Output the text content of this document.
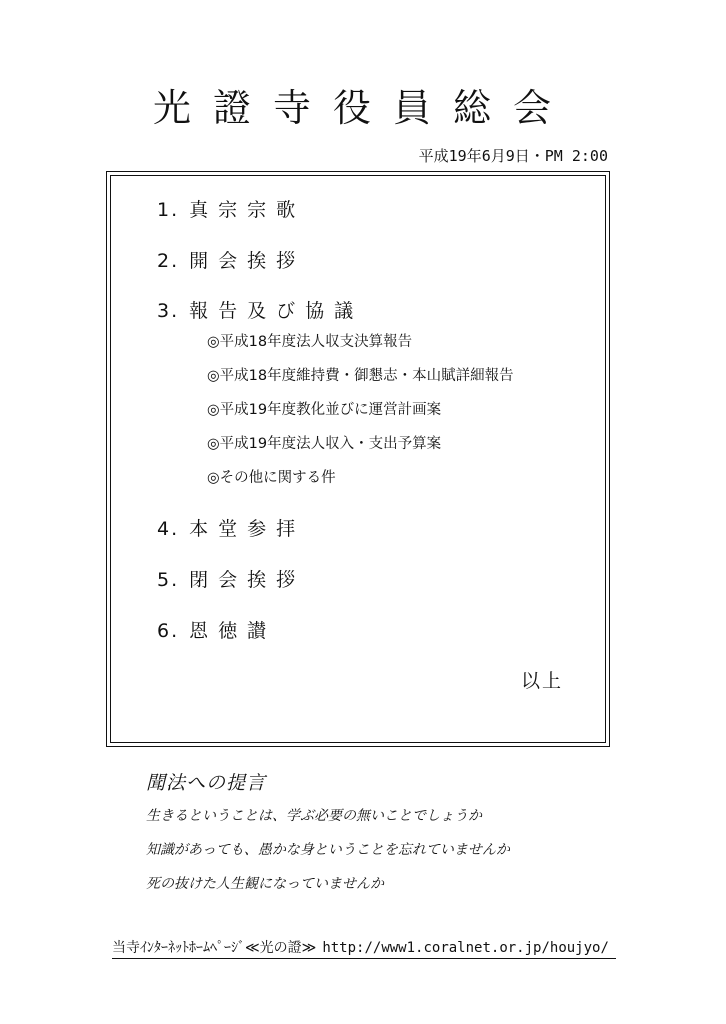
光證寺役員総会
平成19年6月9日・PM 2:00
1. 真宗宗歌
2. 開会挨拶
3. 報告及び協議
◎平成18年度法人収支決算報告
◎平成18年度維持費・御懇志・本山賦詳細報告
◎平成19年度教化並びに運営計画案
◎平成19年度法人収入・支出予算案
◎その他に関する件
4. 本堂参拝
5. 閉会挨拶
6. 恩徳讃
以上
聞法への提言
生きるということは、学ぶ必要の無いことでしょうか
知識があっても、愚かな身ということを忘れていませんか
死の抜けた人生観になっていませんか
当寺ｲﾝﾀｰﾈｯﾄﾎｰﾑﾍﾟｰｼﾞ≪光の證≫ http://www1.coralnet.or.jp/houjyo/
